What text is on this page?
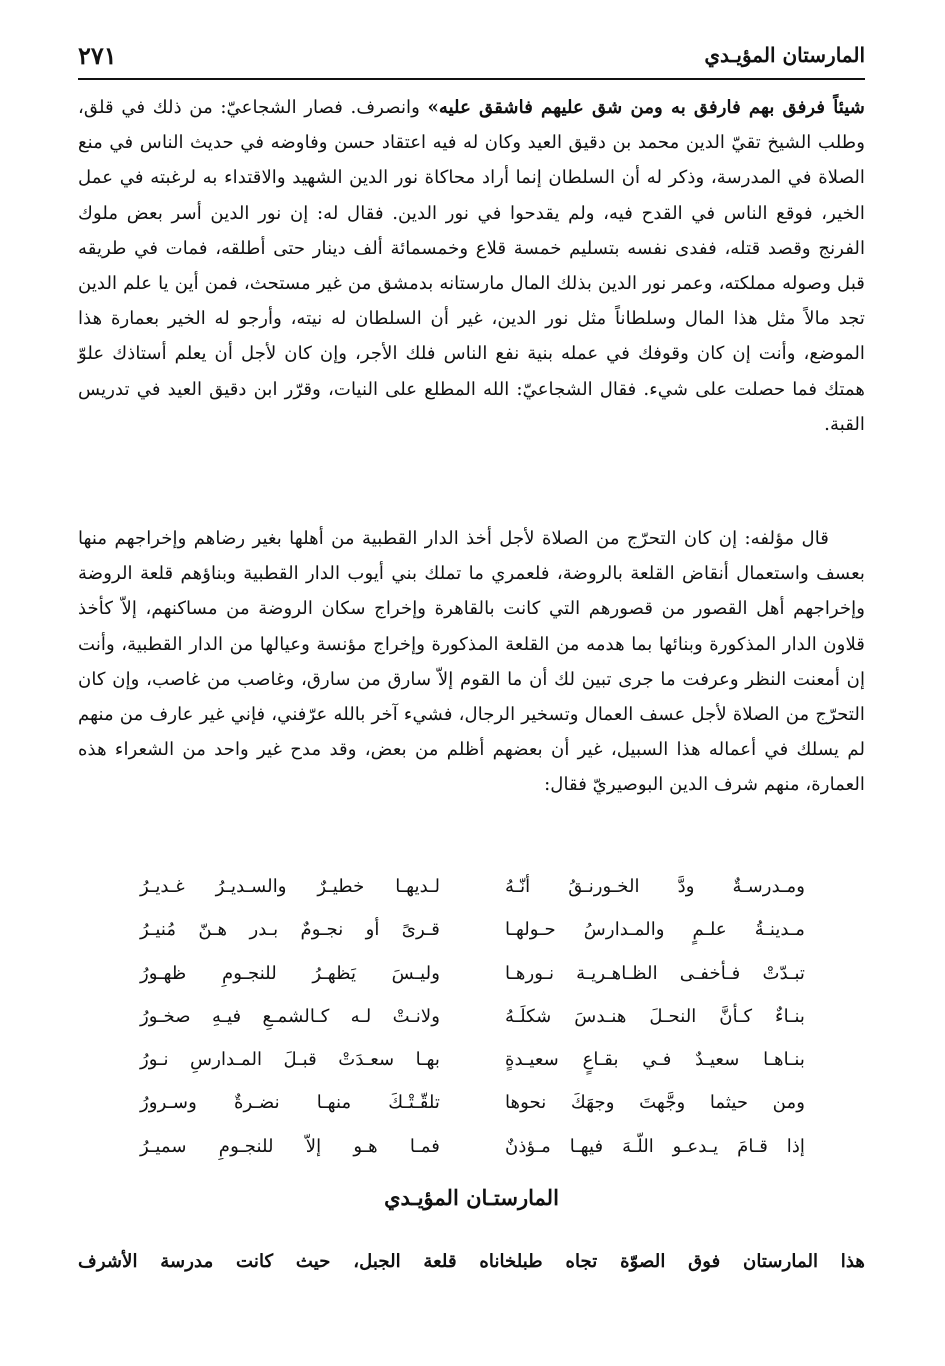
المارستان المؤيـدي
٢٧١

شيئاً فرفق بهم فارفق به ومن شق عليهم فاشقق عليه» وانصرف. فصار الشجاعيّ: من ذلك في قلق، وطلب الشيخ تقيّ الدين محمد بن دقيق العيد وكان له فيه اعتقاد حسن وفاوضه في حديث الناس في منع الصلاة في المدرسة، وذكر له أن السلطان إنما أراد محاكاة نور الدين الشهيد والاقتداء به لرغبته في عمل الخير، فوقع الناس في القدح فيه، ولم يقدحوا في نور الدين. فقال له: إن نور الدين أسر بعض ملوك الفرنج وقصد قتله، ففدى نفسه بتسليم خمسة قلاع وخمسمائة ألف دينار حتى أطلقه، فمات في طريقه قبل وصوله مملكته، وعمر نور الدين بذلك المال مارستانه بدمشق من غير مستحث، فمن أين يا علم الدين تجد مالاً مثل هذا المال وسلطاناً مثل نور الدين، غير أن السلطان له نيته، وأرجو له الخير بعمارة هذا الموضع، وأنت إن كان وقوفك في عمله بنية نفع الناس فلك الأجر، وإن كان لأجل أن يعلم أستاذك علوّ همتك فما حصلت على شيء. فقال الشجاعيّ: الله المطلع على النيات، وقرّر ابن دقيق العيد في تدريس القبة.

قال مؤلفه: إن كان التحرّج من الصلاة لأجل أخذ الدار القطبية من أهلها بغير رضاهم وإخراجهم منها بعسف واستعمال أنقاض القلعة بالروضة، فلعمري ما تملك بني أيوب الدار القطبية وبناؤهم قلعة الروضة وإخراجهم أهل القصور من قصورهم التي كانت بالقاهرة وإخراج سكان الروضة من مساكنهم، إلاّ كأخذ قلاون الدار المذكورة وبنائها بما هدمه من القلعة المذكورة وإخراج مؤنسة وعيالها من الدار القطبية، وأنت إن أمعنت النظر وعرفت ما جرى تبين لك أن ما القوم إلاّ سارق من سارق، وغاصب من غاصب، وإن كان التحرّج من الصلاة لأجل عسف العمال وتسخير الرجال، فشيء آخر بالله عرّفني، فإني غير عارف من منهم لم يسلك في أعماله هذا السبيل، غير أن بعضهم أظلم من بعض، وقد مدح غير واحد من الشعراء هذه العمارة، منهم شرف الدين البوصيريّ فقال:

ومـدرسـةٌ ودَّ الخـورنـقُ أنّـهُ
لـديهـا خطيـرٌ والسـديـرُ غـديـرُ
مـدينـةُ علـمٍ والمـدارسُ حـولهـا
قـرىً أو نجـومٌ بـدر هـنّ مُنيـرُ
تبـدّتْ فـأخفـى الظـاهـريـة نـورهـا
وليـسَ يَظهـرُ للنجـومِ ظهـورُ
بنـاءٌ كـأنَّ النحـلَ هنـدسَ شكلَـهُ
ولانـتْ لـه كـالشمـعِ فيـهِ صخـورُ
بنـاهـا سعيـدٌ فـي بقـاعٍ سعيـدةٍ
بهـا سعـدَتْ قبـلَ المـدارسِ نـورُ
ومن حيثما وجَّهتَ وجهَكَ نحوها
تلقّـتْـكَ منهـا نضـرةٌ وسـرورُ
إذا قـامَ يـدعـو اللّـهَ فيهـا مـؤذنٌ
فمـا هـو إلاّ للنجـومِ سميـرُ
المارستـان المؤيـدي
هذا المارستان فوق الصوّة تجاه طبلخاناه قلعة الجبل، حيث كانت مدرسة الأشرف
